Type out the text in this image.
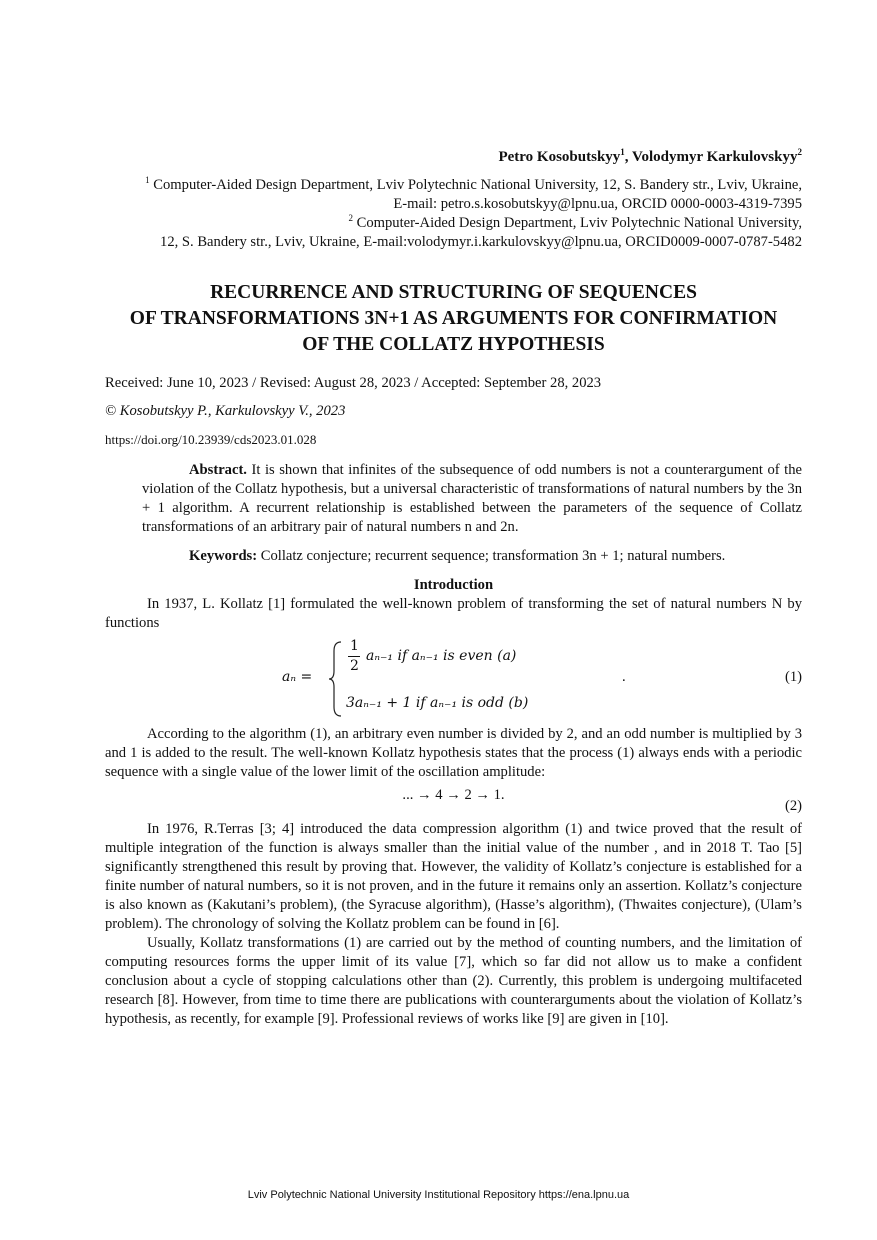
Petro Kosobutskyy$^1$, Volodymyr Karkulovskyy$^2$
$^1$ Computer-Aided Design Department, Lviv Polytechnic National University, 12, S. Bandery str., Lviv, Ukraine,
E-mail: petro.s.kosobutskyy@lpnu.ua, ORCID 0000-0003-4319-7395
$^2$ Computer-Aided Design Department, Lviv Polytechnic National University,
12, S. Bandery str., Lviv, Ukraine, E-mail:volodymyr.i.karkulovskyy@lpnu.ua, ORCID0009-0007-0787-5482
RECURRENCE AND STRUCTURING OF SEQUENCES
OF TRANSFORMATIONS 3N+1 AS ARGUMENTS FOR CONFIRMATION
OF THE COLLATZ HYPOTHESIS
Received: June 10, 2023 / Revised: August 28, 2023 / Accepted: September 28, 2023
© Kosobutskyy P., Karkulovskyy V., 2023
https://doi.org/10.23939/cds2023.01.028

Abstract. It is shown that infinites of the subsequence of odd numbers is not a counterargument of the violation of the Collatz hypothesis, but a universal characteristic of transformations of natural numbers by the 3n + 1 algorithm. A recurrent relationship is established between the parameters of the sequence of Collatz transformations of an arbitrary pair of natural numbers n and 2n.

Keywords: Collatz conjecture; recurrent sequence; transformation 3n + 1; natural numbers.
Introduction

In 1937, L. Kollatz [1] formulated the well-known problem of transforming the set of natural numbers N by functions

aₙ =
1
2
aₙ₋₁ if aₙ₋₁ is even (a)
3aₙ₋₁ + 1 if aₙ₋₁ is odd (b)
.	(1)

According to the algorithm (1), an arbitrary even number is divided by 2, and an odd number is multiplied by 3 and 1 is added to the result. The well-known Kollatz hypothesis states that the process (1) always ends with a periodic sequence with a single value of the lower limit of the oscillation amplitude:

... → 4 → 2 → 1.
(2)

In 1976, R.Terras [3; 4] introduced the data compression algorithm (1) and twice proved that the result of multiple integration of the function is always smaller than the initial value of the number , and in 2018 T. Tao [5] significantly strengthened this result by proving that. However, the validity of Kollatz’s conjecture is established for a finite number of natural numbers, so it is not proven, and in the future it remains only an assertion. Kollatz’s conjecture is also known as (Kakutani’s problem), (the Syracuse algorithm), (Hasse’s algorithm), (Thwaites conjecture), (Ulam’s problem). The chronology of solving the Kollatz problem can be found in [6].

Usually, Kollatz transformations (1) are carried out by the method of counting numbers, and the limitation of computing resources forms the upper limit of its value [7], which so far did not allow us to make a confident conclusion about a cycle of stopping calculations other than (2). Currently, this problem is undergoing multifaceted research [8]. However, from time to time there are publications with counterarguments about the violation of Kollatz’s hypothesis, as recently, for example [9]. Professional reviews of works like [9] are given in [10].

Lviv Polytechnic National University Institutional Repository https://ena.lpnu.ua
